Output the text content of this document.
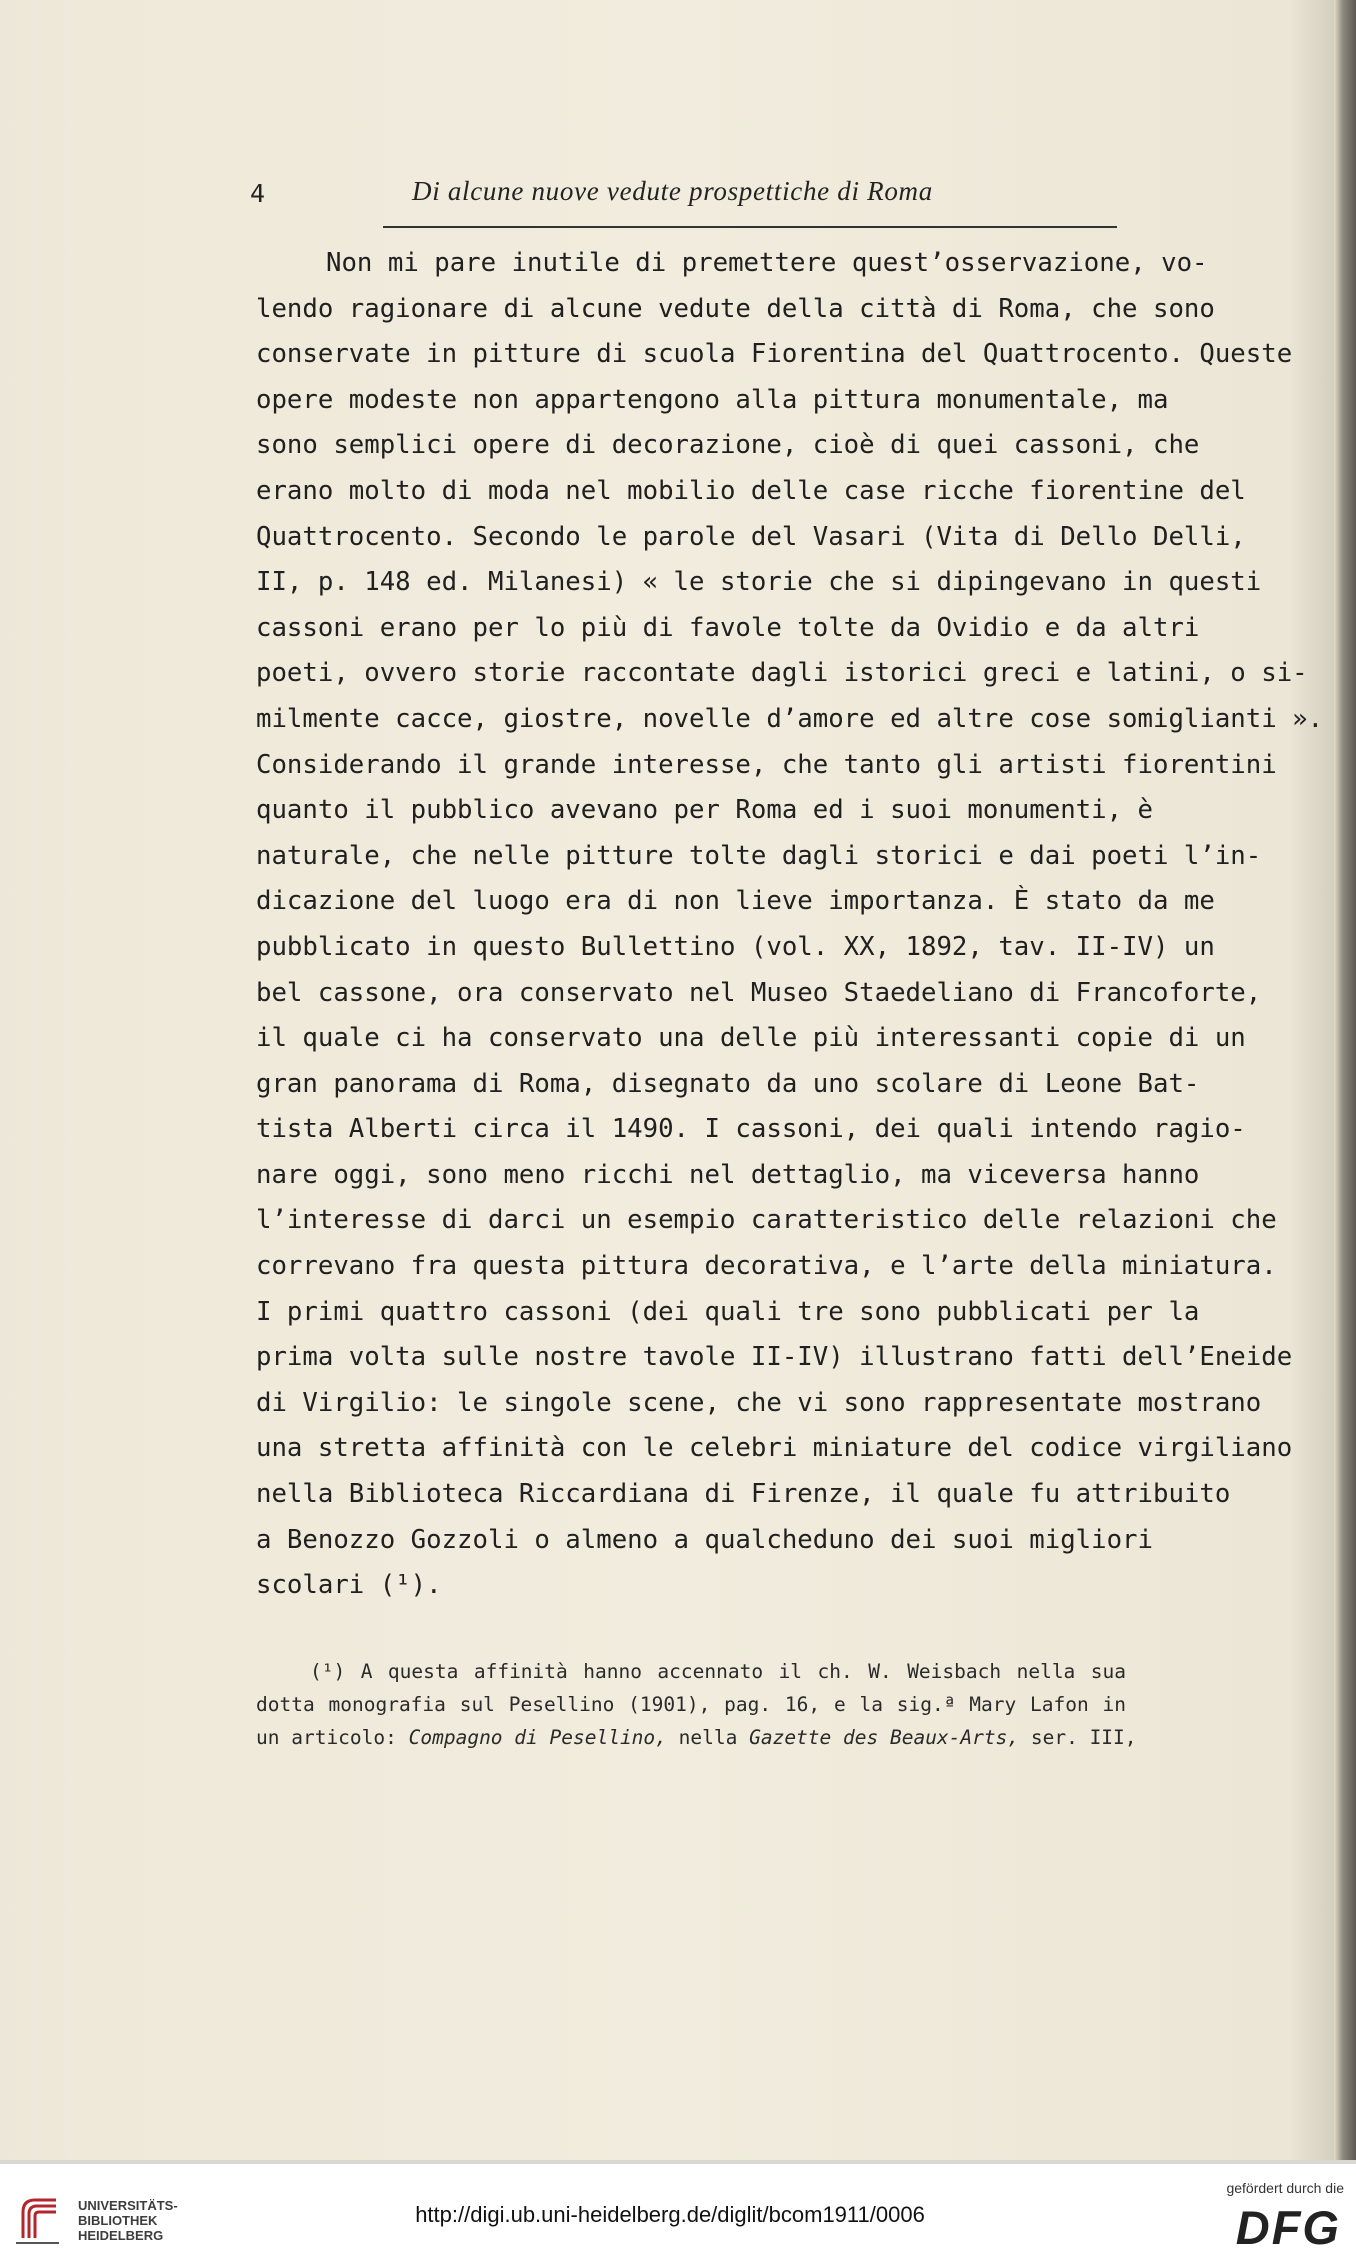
4	Di alcune nuove vedute prospettiche di Roma
Non mi pare inutile di premettere quest’osservazione, vo-
lendo ragionare di alcune vedute della città di Roma, che sono
conservate in pitture di scuola Fiorentina del Quattrocento. Queste
opere modeste non appartengono alla pittura monumentale, ma
sono semplici opere di decorazione, cioè di quei cassoni, che
erano molto di moda nel mobilio delle case ricche fiorentine del
Quattrocento. Secondo le parole del Vasari (Vita di Dello Delli,
II, p. 148 ed. Milanesi) « le storie che si dipingevano in questi
cassoni erano per lo più di favole tolte da Ovidio e da altri
poeti, ovvero storie raccontate dagli istorici greci e latini, o si-
milmente cacce, giostre, novelle d’amore ed altre cose somiglianti ».
Considerando il grande interesse, che tanto gli artisti fiorentini
quanto il pubblico avevano per Roma ed i suoi monumenti, è
naturale, che nelle pitture tolte dagli storici e dai poeti l’in-
dicazione del luogo era di non lieve importanza. È stato da me
pubblicato in questo Bullettino (vol. XX, 1892, tav. II-IV) un
bel cassone, ora conservato nel Museo Staedeliano di Francoforte,
il quale ci ha conservato una delle più interessanti copie di un
gran panorama di Roma, disegnato da uno scolare di Leone Bat-
tista Alberti circa il 1490. I cassoni, dei quali intendo ragio-
nare oggi, sono meno ricchi nel dettaglio, ma viceversa hanno
l’interesse di darci un esempio caratteristico delle relazioni che
correvano fra questa pittura decorativa, e l’arte della miniatura.
I primi quattro cassoni (dei quali tre sono pubblicati per la
prima volta sulle nostre tavole II-IV) illustrano fatti dell’Eneide
di Virgilio: le singole scene, che vi sono rappresentate mostrano
una stretta affinità con le celebri miniature del codice virgiliano
nella Biblioteca Riccardiana di Firenze, il quale fu attribuito
a Benozzo Gozzoli o almeno a qualcheduno dei suoi migliori
scolari (¹).
(¹) A questa affinità hanno accennato il ch. W. Weisbach nella sua
dotta monografia sul Pesellino (1901), pag. 16, e la sig.ª Mary Lafon in
un articolo: Compagno di Pesellino, nella Gazette des Beaux-Arts, ser. III,
UNIVERSITÄTS-
BIBLIOTHEK
HEIDELBERG
http://digi.ub.uni-heidelberg.de/diglit/bcom1911/0006
gefördert durch die
DFG
